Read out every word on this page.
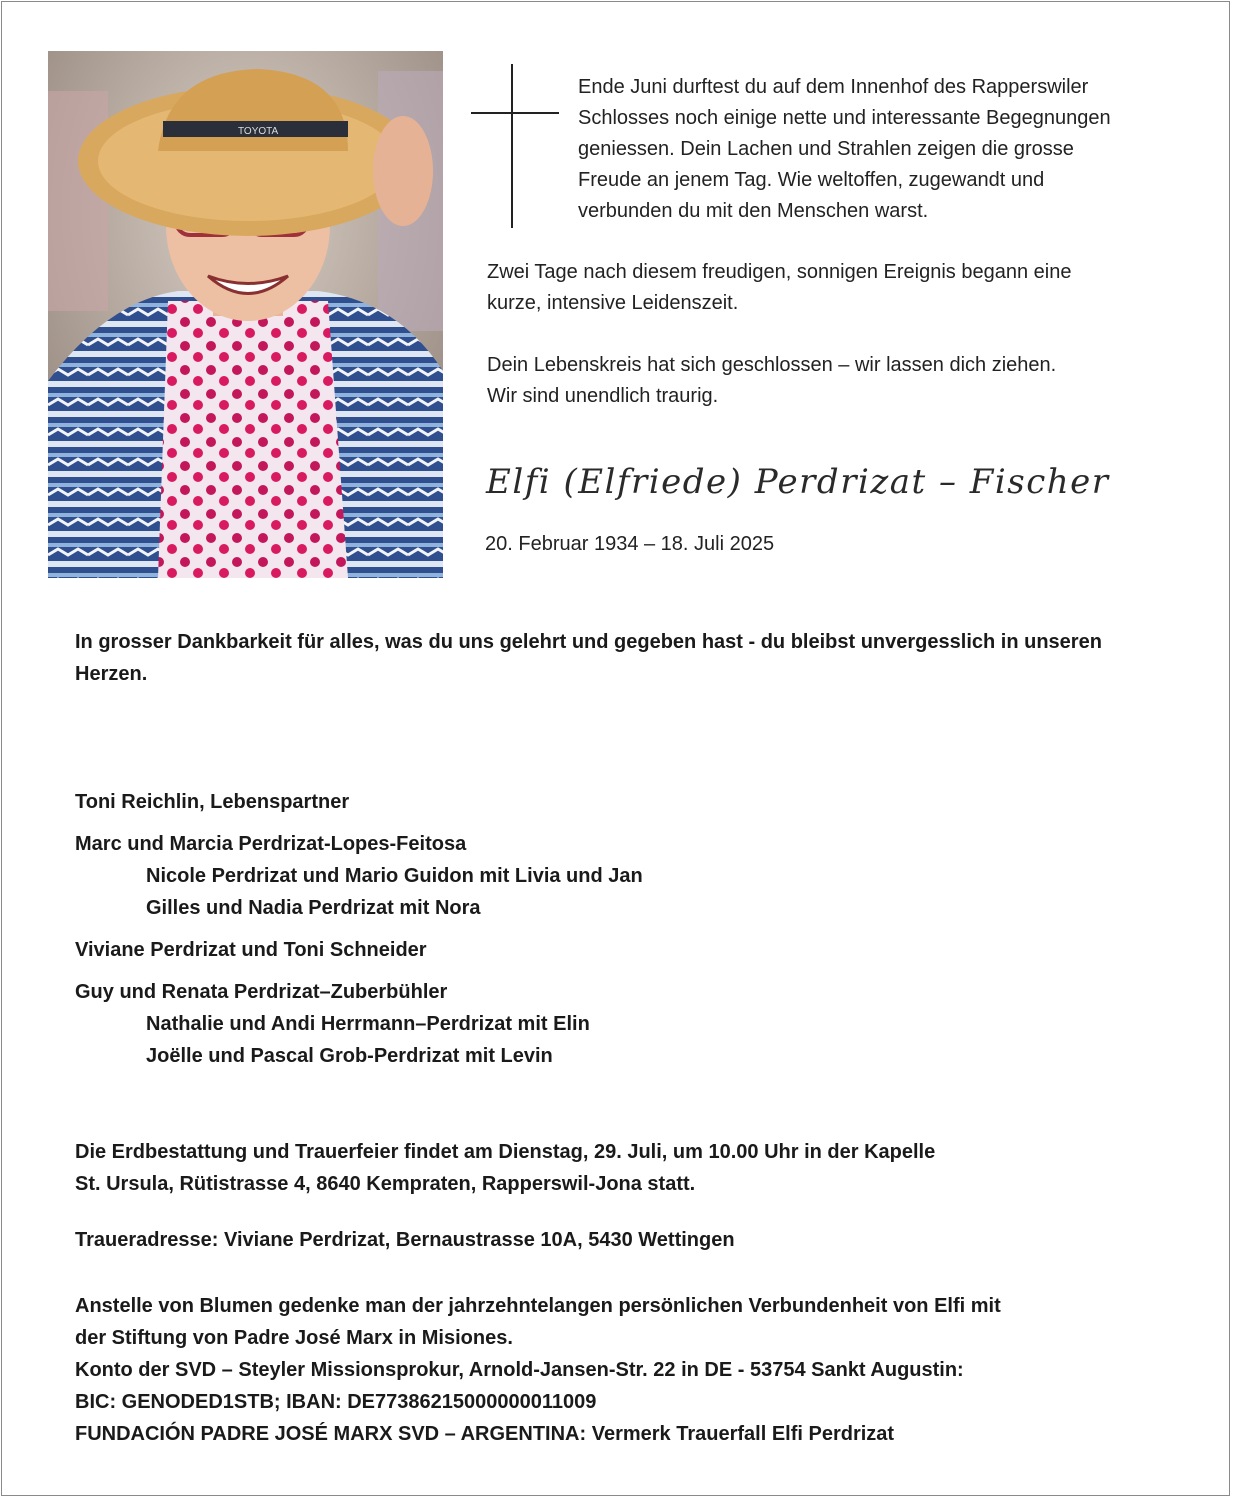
TOYOTA

Ende Juni durftest du auf dem Innenhof des Rapperswiler

Schlosses noch einige nette und interessante Begegnungen

geniessen. Dein Lachen und Strahlen zeigen die grosse

Freude an jenem Tag. Wie weltoffen, zugewandt und

verbunden du mit den Menschen warst.

Zwei Tage nach diesem freudigen, sonnigen Ereignis begann eine

kurze, intensive Leidenszeit.

Dein Lebenskreis hat sich geschlossen – wir lassen dich ziehen.

Wir sind unendlich traurig.

Elfi (Elfriede) Perdrizat – Fischer
20. Februar 1934 – 18. Juli 2025
In grosser Dankbarkeit für alles, was du uns gelehrt und gegeben hast - du bleibst unvergesslich in unseren Herzen.
Toni Reichlin, Lebenspartner
Marc und Marcia Perdrizat-Lopes-Feitosa
Nicole Perdrizat und Mario Guidon mit Livia und Jan
Gilles und Nadia Perdrizat mit Nora
Viviane Perdrizat und Toni Schneider
Guy und Renata Perdrizat–Zuberbühler
Nathalie und Andi Herrmann–Perdrizat mit Elin
Joëlle und Pascal Grob-Perdrizat mit Levin

Die Erdbestattung und Trauerfeier findet am Dienstag, 29. Juli, um 10.00 Uhr in der Kapelle

St. Ursula, Rütistrasse 4, 8640 Kempraten, Rapperswil-Jona statt.

Traueradresse: Viviane Perdrizat, Bernaustrasse 10A, 5430 Wettingen

Anstelle von Blumen gedenke man der jahrzehntelangen persönlichen Verbundenheit von Elfi mit

der Stiftung von Padre José Marx in Misiones.

Konto der SVD – Steyler Missionsprokur, Arnold-Jansen-Str. 22 in DE - 53754 Sankt Augustin:

BIC: GENODED1STB; IBAN: DE77386215000000011009

FUNDACIÓN PADRE JOSÉ MARX SVD – ARGENTINA: Vermerk Trauerfall Elfi Perdrizat
